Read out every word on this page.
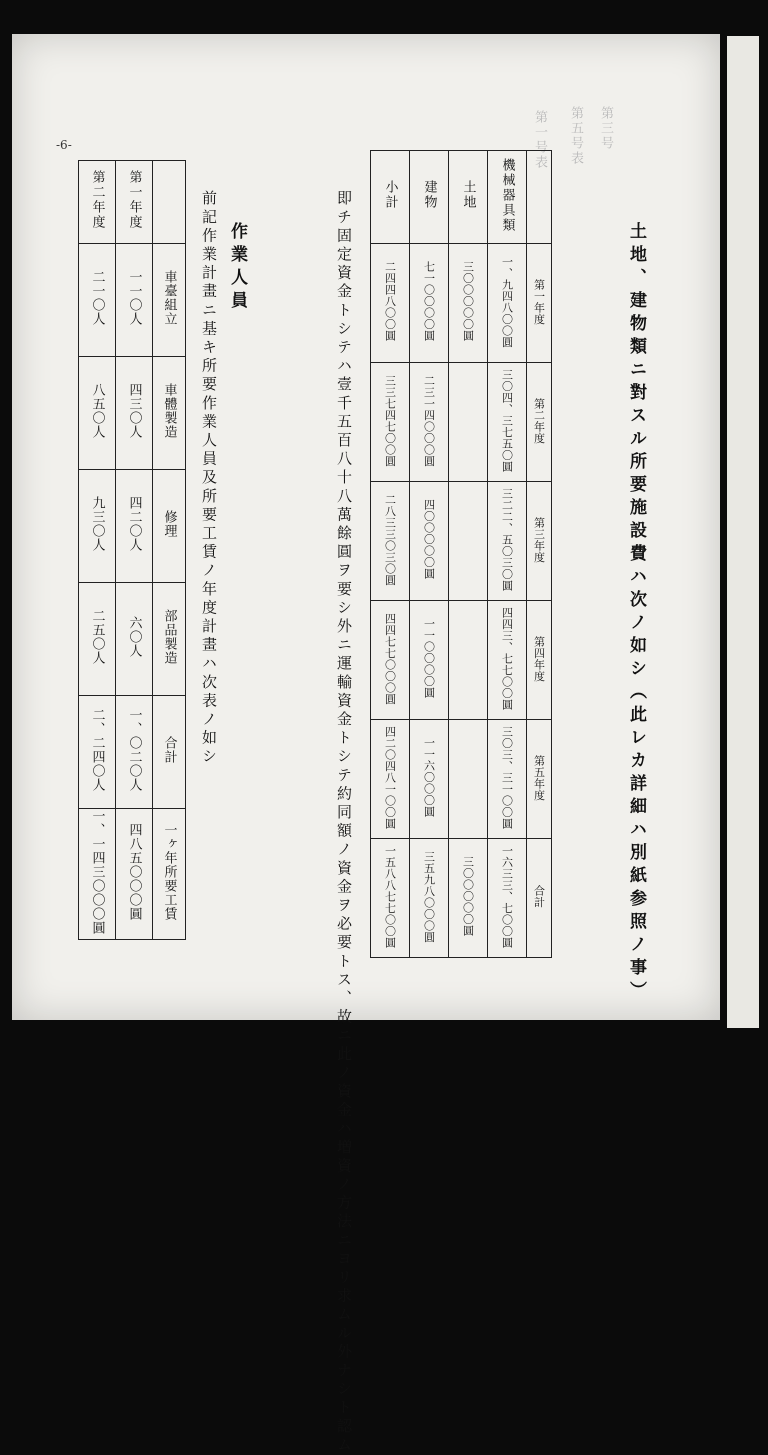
-6-	第三号
第五号表
第一号表
土地、建物類ニ對スル所要施設費ハ次ノ如シ（此レカ詳細ハ別紙参照ノ事）
小計	建物	土地	機械器具類	
二四四八〇〇圓	七一〇〇〇〇圓	三〇〇〇〇〇圓	一、九四八〇〇圓	第一年度
三三七四七〇〇圓	二三一四〇〇〇圓		三〇四、三七五〇圓	第二年度
二八三三〇三〇圓	四〇〇〇〇〇圓		三二二、五〇三〇圓	第三年度
四四七七〇〇〇圓	一一〇〇〇〇圓		四四三、七七〇〇圓	第四年度
四二〇四八一〇〇圓	一一六〇〇〇圓		三〇三、三一〇〇圓	第五年度
一五八八七七〇〇圓	三五九八〇〇〇圓	三〇〇〇〇〇圓	一六三三、七〇〇圓	合計
即チ固定資金トシテハ壹千五百八十八萬餘圓ヲ要シ外ニ運輸資金トシテ約同額ノ資金ヲ必要トス、故ニ此ノ資金ハ増資ノ方法ニヨリ求ムル外ナシト認ム
作業人員
前記作業計畫ニ基キ所要作業人員及所要工賃ノ年度計畫ハ次表ノ如シ
第二年度	第一年度	
二一〇人	一一〇人	車臺組立
八五〇人	四三〇人	車體製造
九三〇人	四二〇人	修理
二五〇人	六〇人	部品製造
二、二四〇人	一、〇二〇人	合計
一、一四三〇〇〇圓	四八五〇〇〇圓	一ヶ年所要工賃
